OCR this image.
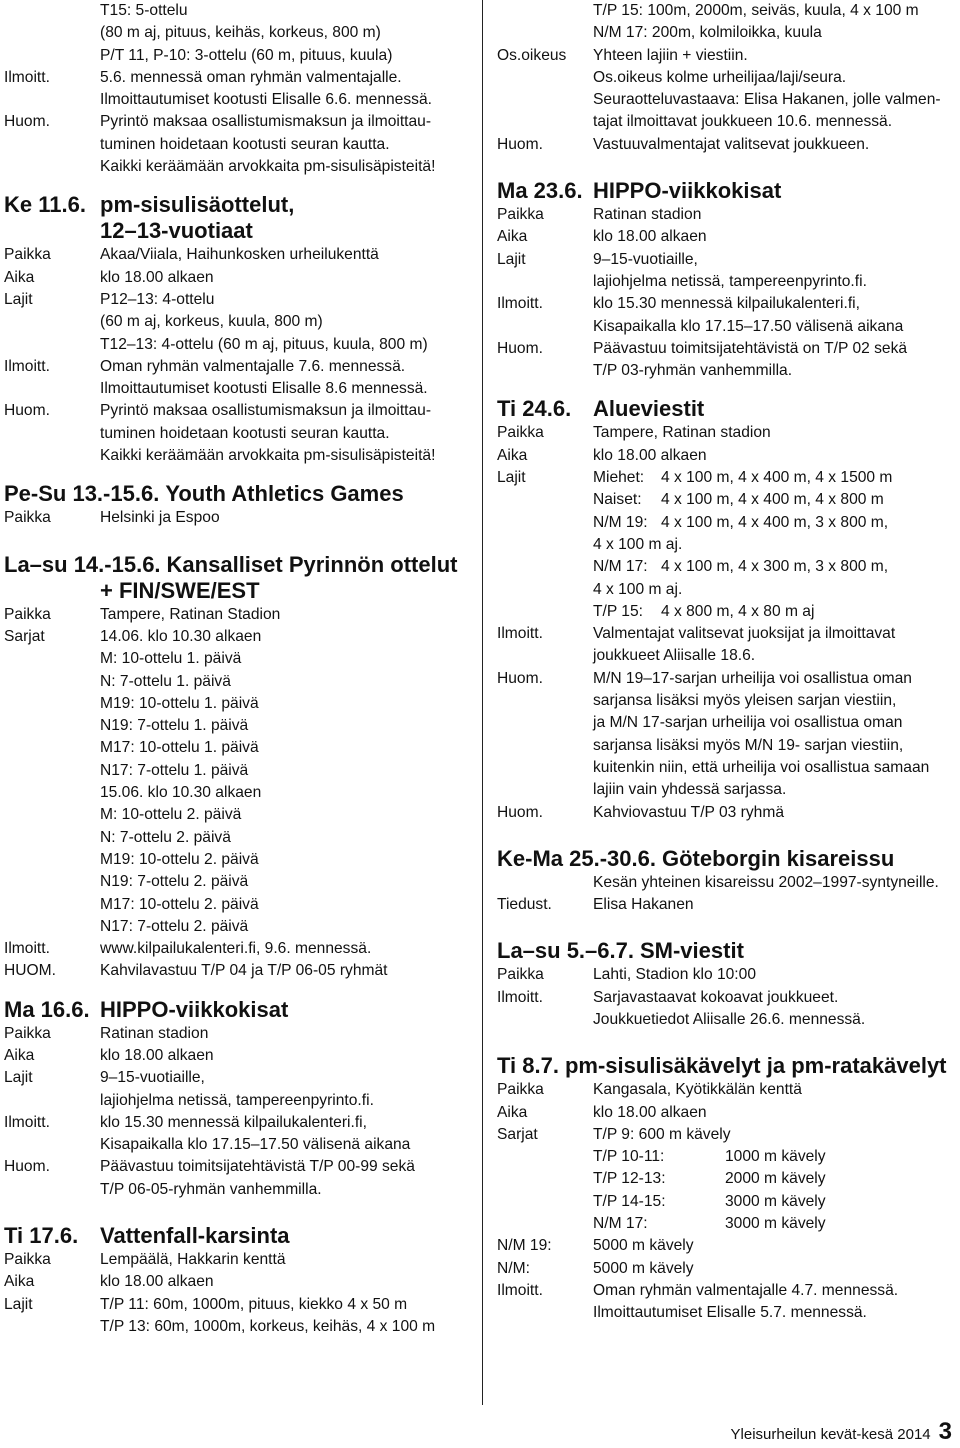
T15: 5-ottelu
(80 m aj, pituus, keihäs, korkeus, 800 m)
P/T 11, P-10: 3-ottelu (60 m, pituus, kuula)
Ilmoitt.	5.6. mennessä oman ryhmän valmentajalle.
Ilmoittautumiset kootusti Elisalle 6.6. mennessä.
Huom.	Pyrintö maksaa osallistumismaksun ja ilmoittau-
tuminen hoidetaan kootusti seuran kautta.
Kaikki keräämään arvokkaita pm-sisulisäpisteitä!
Ke 11.6. pm-sisulisäottelut,
12–13-vuotiaat
Paikka	Akaa/Viiala, Haihunkosken urheilukenttä
Aika	klo 18.00 alkaen
Lajit	P12–13: 4-ottelu
(60 m aj, korkeus, kuula, 800 m)
T12–13: 4-ottelu (60 m aj, pituus, kuula, 800 m)
Ilmoitt.	Oman ryhmän valmentajalle 7.6. mennessä.
Ilmoittautumiset kootusti Elisalle 8.6 mennessä.
Huom.	Pyrintö maksaa osallistumismaksun ja ilmoittau-
tuminen hoidetaan kootusti seuran kautta.
Kaikki keräämään arvokkaita pm-sisulisäpisteitä!
Pe-Su 13.-15.6. Youth Athletics Games
Paikka	Helsinki ja Espoo
La–su 14.-15.6. Kansalliset Pyrinnön ottelut
+ FIN/SWE/EST
Paikka	Tampere, Ratinan Stadion
Sarjat	14.06. klo 10.30 alkaen
M: 10-ottelu 1. päivä
N: 7-ottelu 1. päivä
M19: 10-ottelu 1. päivä
N19: 7-ottelu 1. päivä
M17: 10-ottelu 1. päivä
N17: 7-ottelu 1. päivä
15.06. klo 10.30 alkaen
M: 10-ottelu 2. päivä
N: 7-ottelu 2. päivä
M19: 10-ottelu 2. päivä
N19: 7-ottelu 2. päivä
M17: 10-ottelu 2. päivä
N17: 7-ottelu 2. päivä
Ilmoitt.	www.kilpailukalenteri.fi, 9.6. mennessä.
HUOM.	Kahvilavastuu T/P 04 ja T/P 06-05 ryhmät
Ma 16.6. HIPPO-viikkokisat
Paikka	Ratinan stadion
Aika	klo 18.00 alkaen
Lajit	9–15-vuotiaille,
lajiohjelma netissä, tampereenpyrinto.fi.
Ilmoitt.	klo 15.30 mennessä kilpailukalenteri.fi,
Kisapaikalla klo 17.15–17.50 välisenä aikana
Huom.	Päävastuu toimitsijatehtävistä T/P 00-99 sekä
T/P 06-05-ryhmän vanhemmilla.
Ti 17.6. Vattenfall-karsinta
Paikka	Lempäälä, Hakkarin kenttä
Aika	klo 18.00 alkaen
Lajit	T/P 11: 60m, 1000m, pituus, kiekko 4 x 50 m
T/P 13: 60m, 1000m, korkeus, keihäs, 4 x 100 m
T/P 15: 100m, 2000m, seiväs, kuula, 4 x 100 m
N/M 17: 200m, kolmiloikka, kuula
Os.oikeus	Yhteen lajiin + viestiin.
Os.oikeus kolme urheilijaa/laji/seura.
Seuraotteluvastaava: Elisa Hakanen, jolle valmen-
tajat ilmoittavat joukkueen 10.6. mennessä.
Huom.	Vastuuvalmentajat valitsevat joukkueen.
Ma 23.6. HIPPO-viikkokisat
Paikka	Ratinan stadion
Aika	klo 18.00 alkaen
Lajit	9–15-vuotiaille,
lajiohjelma netissä, tampereenpyrinto.fi.
Ilmoitt.	klo 15.30 mennessä kilpailukalenteri.fi,
Kisapaikalla klo 17.15–17.50 välisenä aikana
Huom.	Päävastuu toimitsijatehtävistä on T/P 02 sekä
T/P 03-ryhmän vanhemmilla.
Ti 24.6. Alueviestit
Paikka	Tampere, Ratinan stadion
Aika	klo 18.00 alkaen
Lajit	Miehet: 4 x 100 m, 4 x 400 m, 4 x 1500 m
Naiset: 4 x 100 m, 4 x 400 m, 4 x 800 m
N/M 19: 4 x 100 m, 4 x 400 m, 3 x 800 m,
4 x 100 m aj.
N/M 17: 4 x 100 m, 4 x 300 m, 3 x 800 m,
4 x 100 m aj.
T/P 15: 4 x 800 m, 4 x 80 m aj
Ilmoitt.	Valmentajat valitsevat juoksijat ja ilmoittavat
joukkueet Aliisalle 18.6.
Huom.	M/N 19–17-sarjan urheilija voi osallistua oman
sarjansa lisäksi myös yleisen sarjan viestiin,
ja M/N 17-sarjan urheilija voi osallistua oman
sarjansa lisäksi myös M/N 19- sarjan viestiin,
kuitenkin niin, että urheilija voi osallistua samaan
lajiin vain yhdessä sarjassa.
Huom.	Kahviovastuu T/P 03 ryhmä
Ke-Ma 25.-30.6. Göteborgin kisareissu
Kesän yhteinen kisareissu 2002–1997-syntyneille.
Tiedust.	Elisa Hakanen
La–su 5.–6.7. SM-viestit
Paikka	Lahti, Stadion klo 10:00
Ilmoitt.	Sarjavastaavat kokoavat joukkueet.
Joukkuetiedot Aliisalle 26.6. mennessä.
Ti 8.7. pm-sisulisäkävelyt ja pm-ratakävelyt
Paikka	Kangasala, Kyötikkälän kenttä
Aika	klo 18.00 alkaen
Sarjat	T/P 9: 600 m kävely
T/P 10-11:	1000 m kävely
T/P 12-13:	2000 m kävely
T/P 14-15:	3000 m kävely
N/M 17:	3000 m kävely
N/M 19:	5000 m kävely
N/M:	5000 m kävely
Ilmoitt.	Oman ryhmän valmentajalle 4.7. mennessä.
Ilmoittautumiset Elisalle 5.7. mennessä.
Yleisurheilun kevät-kesä 2014 3
